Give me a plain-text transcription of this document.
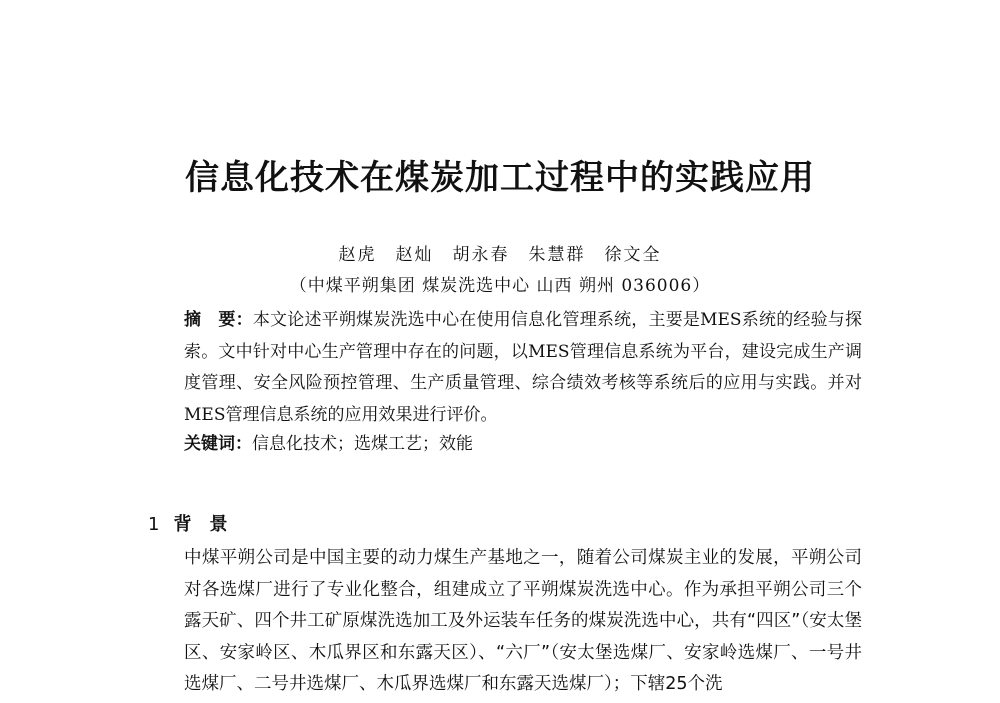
信息化技术在煤炭加工过程中的实践应用
赵虎　赵灿　胡永春　朱慧群　徐文全
（中煤平朔集团 煤炭洗选中心 山西 朔州 036006）
摘　要：本文论述平朔煤炭洗选中心在使用信息化管理系统，主要是MES系统的经验与探索。文中针对中心生产管理中存在的问题，以MES管理信息系统为平台，建设完成生产调度管理、安全风险预控管理、生产质量管理、综合绩效考核等系统后的应用与实践。并对MES管理信息系统的应用效果进行评价。
关键词：信息化技术；选煤工艺；效能
1 背景
中煤平朔公司是中国主要的动力煤生产基地之一，随着公司煤炭主业的发展，平朔公司对各选煤厂进行了专业化整合，组建成立了平朔煤炭洗选中心。作为承担平朔公司三个露天矿、四个井工矿原煤洗选加工及外运装车任务的煤炭洗选中心，共有“四区”（安太堡区、安家岭区、木瓜界区和东露天区）、“六厂”（安太堡选煤厂、安家岭选煤厂、一号井选煤厂、二号井选煤厂、木瓜界选煤厂和东露天选煤厂）；下辖25个洗
